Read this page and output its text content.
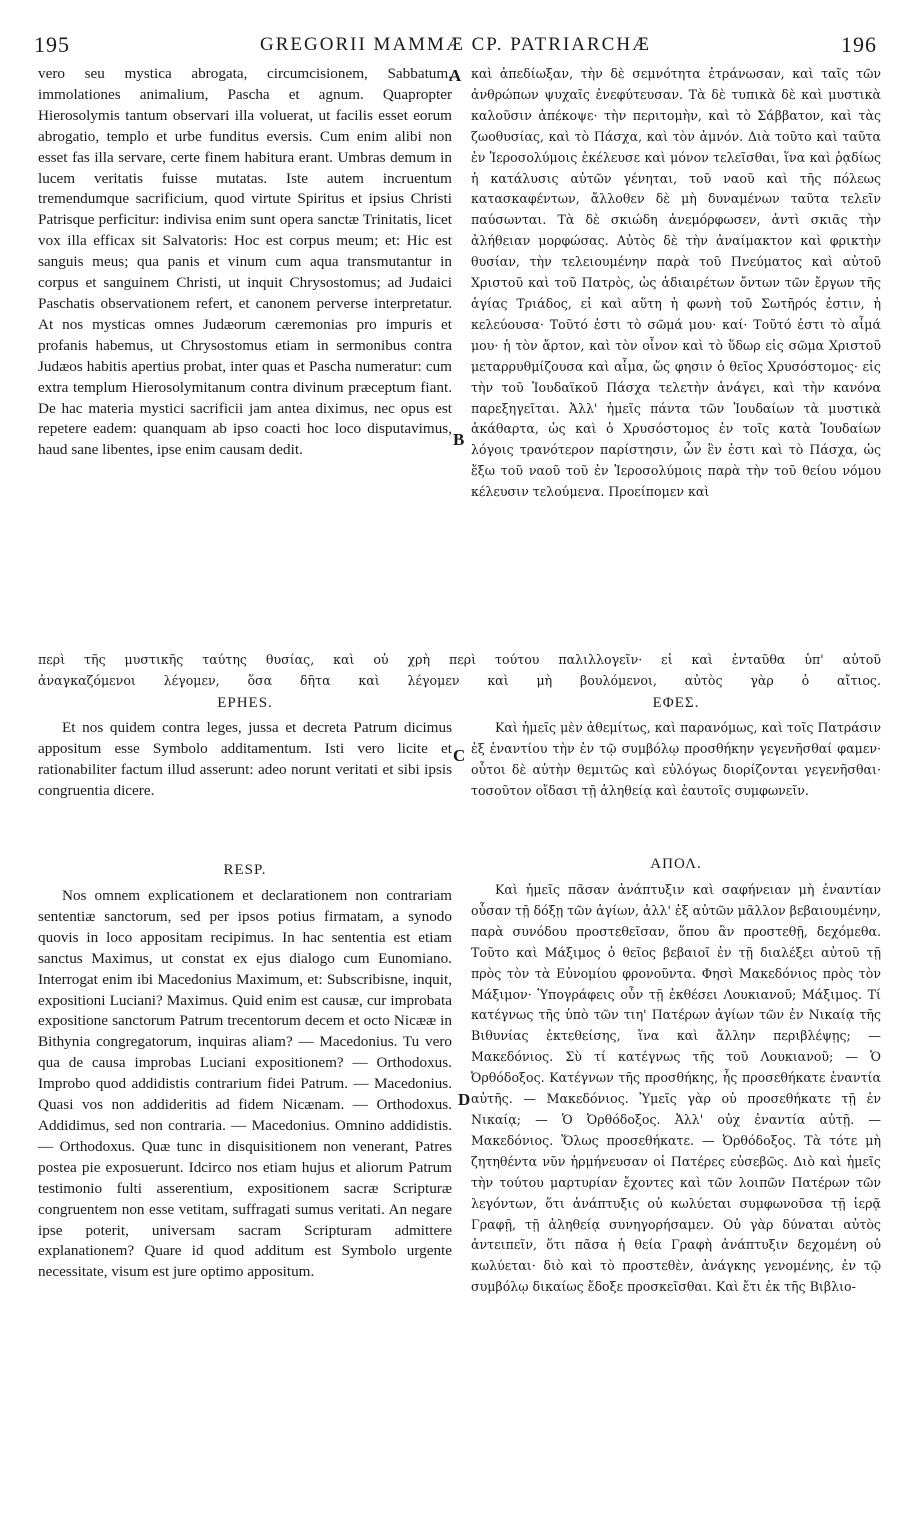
195	GREGORII MAMMÆ CP. PATRIARCHÆ	196
A
B
C
D

vero seu mystica abrogata, circumcisionem, Sabbatum, immolationes animalium, Pascha et agnum. Quapropter Hierosolymis tantum observari illa voluerat, ut facilis esset eorum abrogatio, templo et urbe funditus eversis. Cum enim alibi non esset fas illa servare, certe finem habitura erant. Umbras demum in lucem veritatis fuisse mutatas. Iste autem incruentum tremendumque sacrificium, quod virtute Spiritus et ipsius Christi Patrisque perficitur: indivisa enim sunt opera sanctæ Trinitatis, licet vox illa efficax sit Salvatoris: Hoc est corpus meum; et: Hic est sanguis meus; qua panis et vinum cum aqua transmutantur in corpus et sanguinem Christi, ut inquit Chrysostomus; ad Judaici Paschatis observationem refert, et canonem perverse interpretatur. At nos mysticas omnes Judæorum cæremonias pro impuris et profanis habemus, ut Chrysostomus etiam in sermonibus contra Judæos habitis apertius probat, inter quas et Pascha numeratur: cum extra templum Hierosolymitanum contra divinum præceptum fiant. De hac materia mystici sacrificii jam antea diximus, nec opus est repetere eadem: quanquam ab ipso coacti hoc loco disputavimus, haud sane libentes, ipse enim causam dedit.

καὶ ἀπεδίωξαν, τὴν δὲ σεμνότητα ἐτράνωσαν, καὶ ταῖς τῶν ἀνθρώπων ψυχαῖς ἐνεφύτευσαν. Τὰ δὲ τυπικὰ δὲ καὶ μυστικὰ καλοῦσιν ἀπέκοψε· τὴν περιτομὴν, καὶ τὸ Σάββατον, καὶ τὰς ζωοθυσίας, καὶ τὸ Πάσχα, καὶ τὸν ἀμνόν. Διὰ τοῦτο καὶ ταῦτα ἐν Ἱεροσολύμοις ἐκέλευσε καὶ μόνον τελεῖσθαι, ἵνα καὶ ῥᾳδίως ἡ κατάλυσις αὐτῶν γένηται, τοῦ ναοῦ καὶ τῆς πόλεως κατασκαφέντων, ἄλλοθεν δὲ μὴ δυναμένων ταῦτα τελεῖν παύσωνται. Τὰ δὲ σκιώδη ἀνεμόρφωσεν, ἀντὶ σκιᾶς τὴν ἀλήθειαν μορφώσας. Αὐτὸς δὲ τὴν ἀναίμακτον καὶ φρικτὴν θυσίαν, τὴν τελειουμένην παρὰ τοῦ Πνεύματος καὶ αὐτοῦ Χριστοῦ καὶ τοῦ Πατρὸς, ὡς ἀδιαιρέτων ὄντων τῶν ἔργων τῆς ἁγίας Τριάδος, εἰ καὶ αὕτη ἡ φωνὴ τοῦ Σωτῆρός ἐστιν, ἡ κελεύουσα· Τοῦτό ἐστι τὸ σῶμά μου· καί· Τοῦτό ἐστι τὸ αἷμά μου· ἡ τὸν ἄρτον, καὶ τὸν οἶνον καὶ τὸ ὕδωρ εἰς σῶμα Χριστοῦ μεταρρυθμίζουσα καὶ αἷμα, ὥς φησιν ὁ θεῖος Χρυσόστομος· εἰς τὴν τοῦ Ἰουδαϊκοῦ Πάσχα τελετὴν ἀνάγει, καὶ τὴν κανόνα παρεξηγεῖται. Ἀλλ' ἡμεῖς πάντα τῶν Ἰουδαίων τὰ μυστικὰ ἀκάθαρτα, ὡς καὶ ὁ Χρυσόστομος ἐν τοῖς κατὰ Ἰουδαίων λόγοις τρανότερον παρίστησιν, ὧν ἓν ἐστι καὶ τὸ Πάσχα, ὡς ἔξω τοῦ ναοῦ τοῦ ἐν Ἱεροσολύμοις παρὰ τὴν τοῦ θείου νόμου κέλευσιν τελούμενα. Προείπομεν καὶ

περὶ τῆς μυστικῆς ταύτης θυσίας, καὶ οὐ χρὴ περὶ τούτου παλιλλογεῖν· εἰ καὶ ἐνταῦθα ὑπ' αὐτοῦ
ἀναγκαζόμενοι λέγομεν, ὅσα δῆτα καὶ λέγομεν καὶ μὴ βουλόμενοι, αὐτὸς γὰρ ὁ αἴτιος.
EPHES.	ΕΦΕΣ.

Et nos quidem contra leges, jussa et decreta Patrum dicimus appositum esse Symbolo additamentum. Isti vero licite et rationabiliter factum illud asserunt: adeo norunt veritati et sibi ipsis congruentia dicere.

Καὶ ἡμεῖς μὲν ἀθεμίτως, καὶ παρανόμως, καὶ τοῖς Πατράσιν ἐξ ἐναντίου τὴν ἐν τῷ συμβόλῳ προσθήκην γεγενῆσθαί φαμεν· οὗτοι δὲ αὐτὴν θεμιτῶς καὶ εὐλόγως διορίζονται γεγενῆσθαι· τοσοῦτον οἴδασι τῇ ἀληθείᾳ καὶ ἑαυτοῖς συμφωνεῖν.

RESP.	ΑΠΟΛ.

Nos omnem explicationem et declarationem non contrariam sententiæ sanctorum, sed per ipsos potius firmatam, a synodo quovis in loco appositam recipimus. In hac sententia est etiam sanctus Maximus, ut constat ex ejus dialogo cum Eunomiano. Interrogat enim ibi Macedonius Maximum, et: Subscribisne, inquit, expositioni Luciani? Maximus. Quid enim est causæ, cur improbata expositione sanctorum Patrum trecentorum decem et octo Nicææ in Bithynia congregatorum, inquiras aliam? — Macedonius. Tu vero qua de causa improbas Luciani expositionem? — Orthodoxus. Improbo quod addidistis contrarium fidei Patrum. — Macedonius. Quasi vos non addideritis ad fidem Nicænam. — Orthodoxus. Addidimus, sed non contraria. — Macedonius. Omnino addidistis. — Orthodoxus. Quæ tunc in disquisitionem non venerant, Patres postea pie exposuerunt. Idcirco nos etiam hujus et aliorum Patrum testimonio fulti asserentium, expositionem sacræ Scripturæ congruentem non esse vetitam, suffragati sumus veritati. An negare ipse poterit, universam sacram Scripturam admittere explanationem? Quare id quod additum est Symbolo urgente necessitate, visum est jure optimo appositum.

Καὶ ἡμεῖς πᾶσαν ἀνάπτυξιν καὶ σαφήνειαν μὴ ἐναντίαν οὖσαν τῇ δόξῃ τῶν ἁγίων, ἀλλ' ἐξ αὐτῶν μᾶλλον βεβαιουμένην, παρὰ συνόδου προστεθεῖσαν, ὅπου ἂν προστεθῇ, δεχόμεθα. Τοῦτο καὶ Μάξιμος ὁ θεῖος βεβαιοῖ ἐν τῇ διαλέξει αὐτοῦ τῇ πρὸς τὸν τὰ Εὐνομίου φρονοῦντα. Φησὶ Μακεδόνιος πρὸς τὸν Μάξιμον· Ὑπογράφεις οὖν τῇ ἐκθέσει Λουκιανοῦ; Μάξιμος. Τί κατέγνως τῆς ὑπὸ τῶν τιη' Πατέρων ἁγίων τῶν ἐν Νικαίᾳ τῆς Βιθυνίας ἐκτεθείσης, ἵνα καὶ ἄλλην περιβλέψῃς; — Μακεδόνιος. Σὺ τί κατέγνως τῆς τοῦ Λουκιανοῦ; — Ὁ Ὀρθόδοξος. Κατέγνων τῆς προσθήκης, ἧς προσεθήκατε ἐναντία αὐτῆς. — Μακεδόνιος. Ὑμεῖς γὰρ οὐ προσεθήκατε τῇ ἐν Νικαίᾳ; — Ὁ Ὀρθόδοξος. Ἀλλ' οὐχ ἐναντία αὐτῇ. — Μακεδόνιος. Ὅλως προσεθήκατε. — Ὀρθόδοξος. Τὰ τότε μὴ ζητηθέντα νῦν ἡρμήνευσαν οἱ Πατέρες εὐσεβῶς. Διὸ καὶ ἡμεῖς τὴν τούτου μαρτυρίαν ἔχοντες καὶ τῶν λοιπῶν Πατέρων τῶν λεγόντων, ὅτι ἀνάπτυξις οὐ κωλύεται συμφωνοῦσα τῇ ἱερᾷ Γραφῇ, τῇ ἀληθείᾳ συνηγορήσαμεν. Οὐ γὰρ δύναται αὐτὸς ἀντειπεῖν, ὅτι πᾶσα ἡ θεία Γραφὴ ἀνάπτυξιν δεχομένη οὐ κωλύεται· διὸ καὶ τὸ προστεθὲν, ἀνάγκης γενομένης, ἐν τῷ συμβόλῳ δικαίως ἔδοξε προσκεῖσθαι. Καὶ ἔτι ἐκ τῆς Βιβλιο-
